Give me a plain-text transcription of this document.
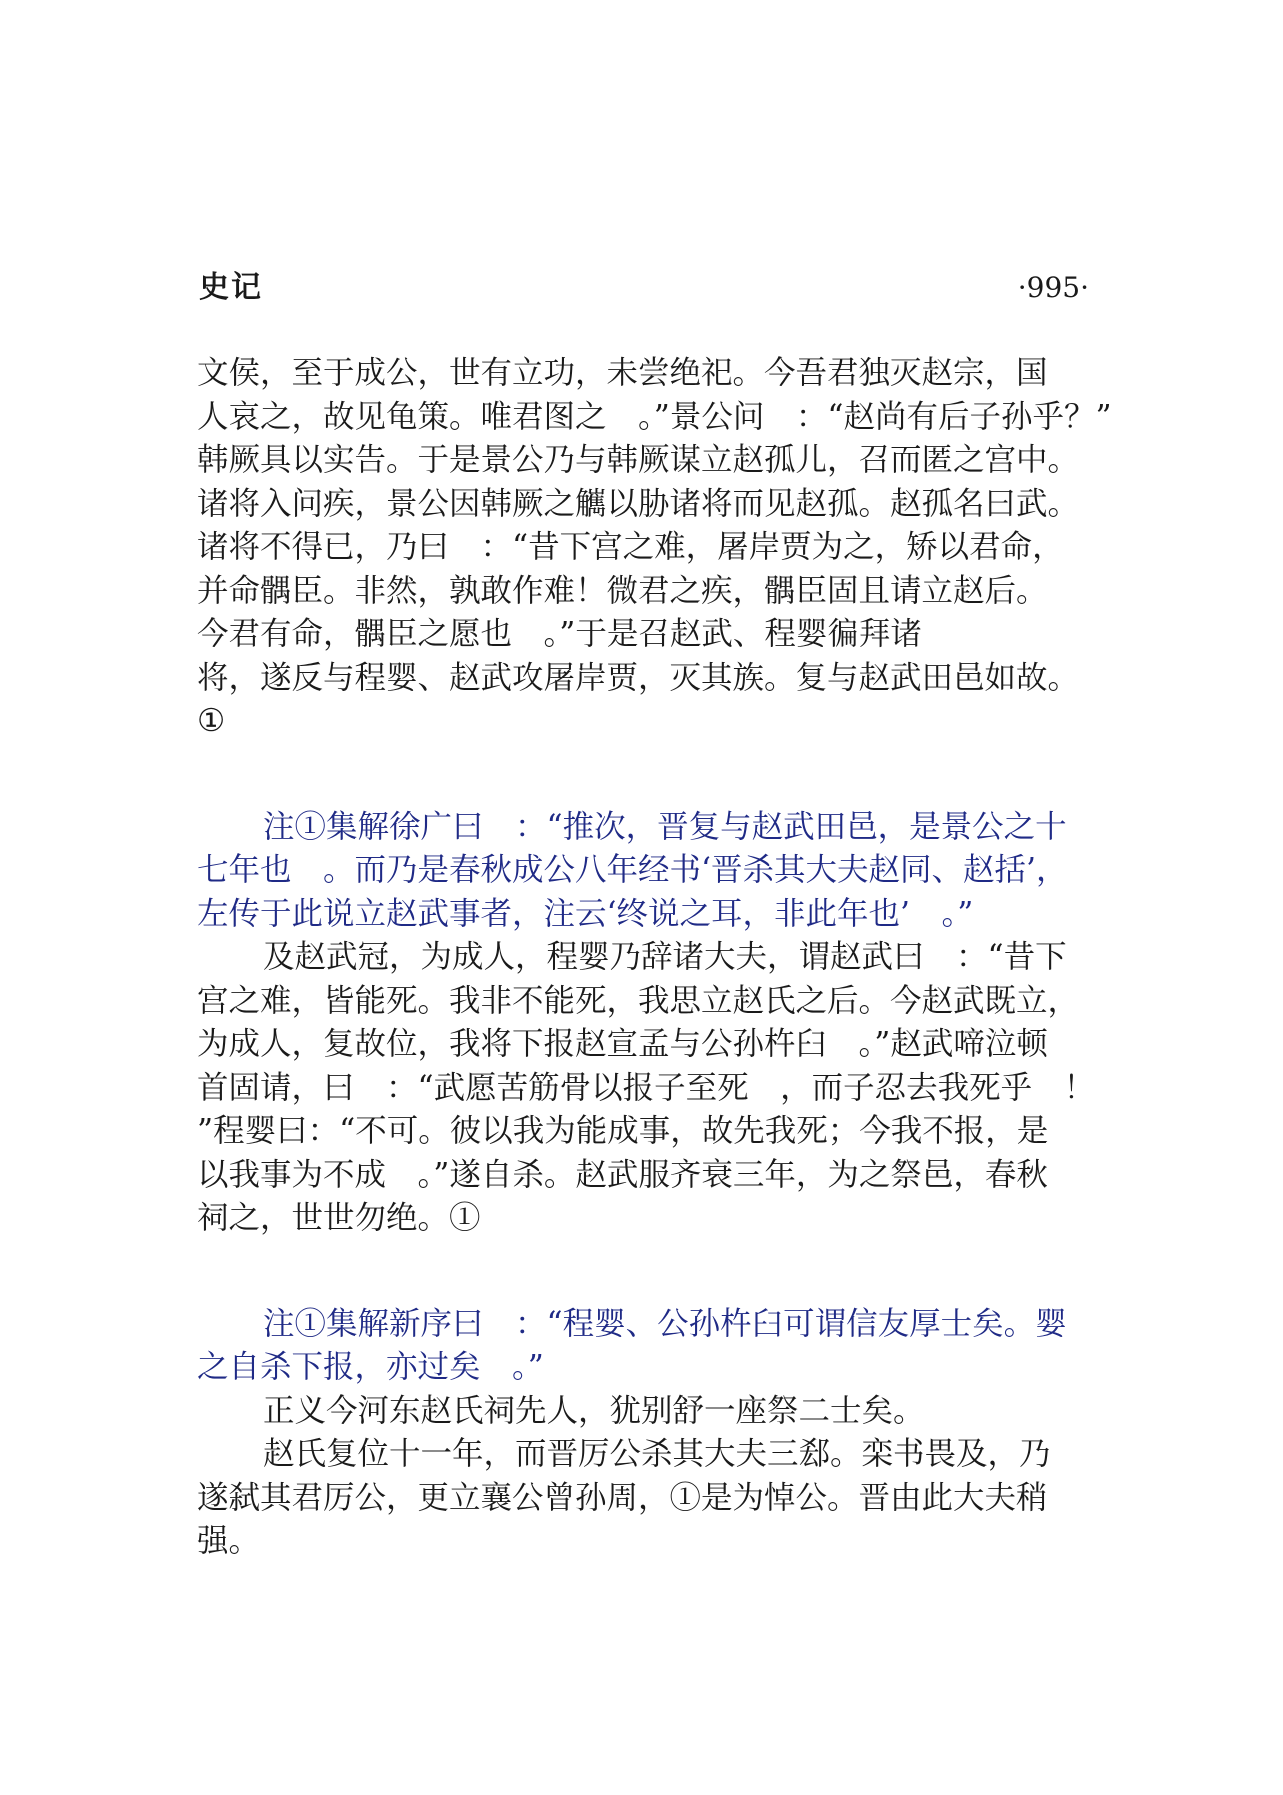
史记	·995·
文侯，至于成公，世有立功，未尝绝祀。今吾君独灭赵宗，国
人哀之，故见龟策。唯君图之　。”景公问　：“赵尚有后子孙乎？”
韩厥具以实告。于是景公乃与韩厥谋立赵孤儿，召而匿之宫中。
诸将入问疾，景公因韩厥之觽以胁诸将而见赵孤。赵孤名曰武。
诸将不得已，乃曰　：“昔下宫之难，屠岸贾为之，矫以君命，
并命髃臣。非然，孰敢作难！微君之疾，髃臣固且请立赵后。
今君有命，髃臣之愿也　。”于是召赵武、程婴徧拜诸
将，遂反与程婴、赵武攻屠岸贾，灭其族。复与赵武田邑如故。
①
注①集解徐广曰　：“推次，晋复与赵武田邑，是景公之十
七年也　。而乃是春秋成公八年经书‘晋杀其大夫赵同、赵括’，
左传于此说立赵武事者，注云‘终说之耳，非此年也’　。”
及赵武冠，为成人，程婴乃辞诸大夫，谓赵武曰　：“昔下
宫之难，皆能死。我非不能死，我思立赵氏之后。今赵武既立，
为成人，复故位，我将下报赵宣孟与公孙杵臼　。”赵武啼泣顿
首固请，曰　：“武愿苦筋骨以报子至死　，而子忍去我死乎　！
”程婴曰：“不可。彼以我为能成事，故先我死；今我不报，是
以我事为不成　。”遂自杀。赵武服齐衰三年，为之祭邑，春秋
祠之，世世勿绝。①
注①集解新序曰　：“程婴、公孙杵臼可谓信友厚士矣。婴
之自杀下报，亦过矣　。”
正义今河东赵氏祠先人，犹别舒一座祭二士矣。
赵氏复位十一年，而晋厉公杀其大夫三郄。栾书畏及，乃
遂弑其君厉公，更立襄公曾孙周，①是为悼公。晋由此大夫稍
强。
